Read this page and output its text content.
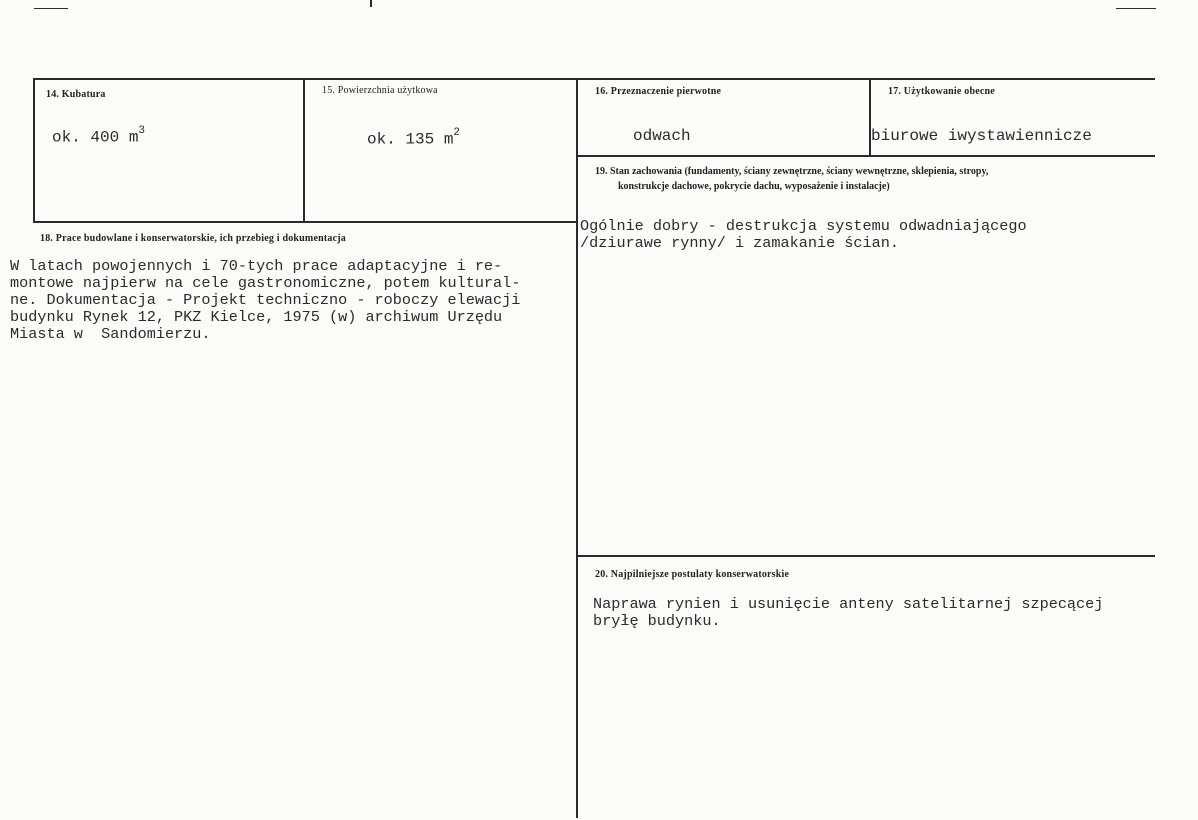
14. Kubatura
ok. 400 $m^3$
15. Powierzchnia użytkowa
ok. 135 $m^2$
16. Przeznaczenie pierwotne
odwach
17. Użytkowanie obecne
biurowe iwystawiennicze
19. Stan zachowania (fundamenty, ściany zewnętrzne, ściany wewnętrzne, sklepienia, stropy,
konstrukcje dachowe, pokrycie dachu, wyposażenie i instalacje)
Ogólnie dobry - destrukcja systemu odwadniającego
/dziurawe rynny/ i zamakanie ścian.
18. Prace budowlane i konserwatorskie, ich przebieg i dokumentacja
W latach powojennych i 70-tych prace adaptacyjne i re-
montowe najpierw na cele gastronomiczne, potem kultural-
ne. Dokumentacja - Projekt techniczno - roboczy elewacji
budynku Rynek 12, PKZ Kielce, 1975 (w) archiwum Urzędu
Miasta w  Sandomierzu.
20. Najpilniejsze postulaty konserwatorskie
Naprawa rynien i usunięcie anteny satelitarnej szpecącej
bryłę budynku.
